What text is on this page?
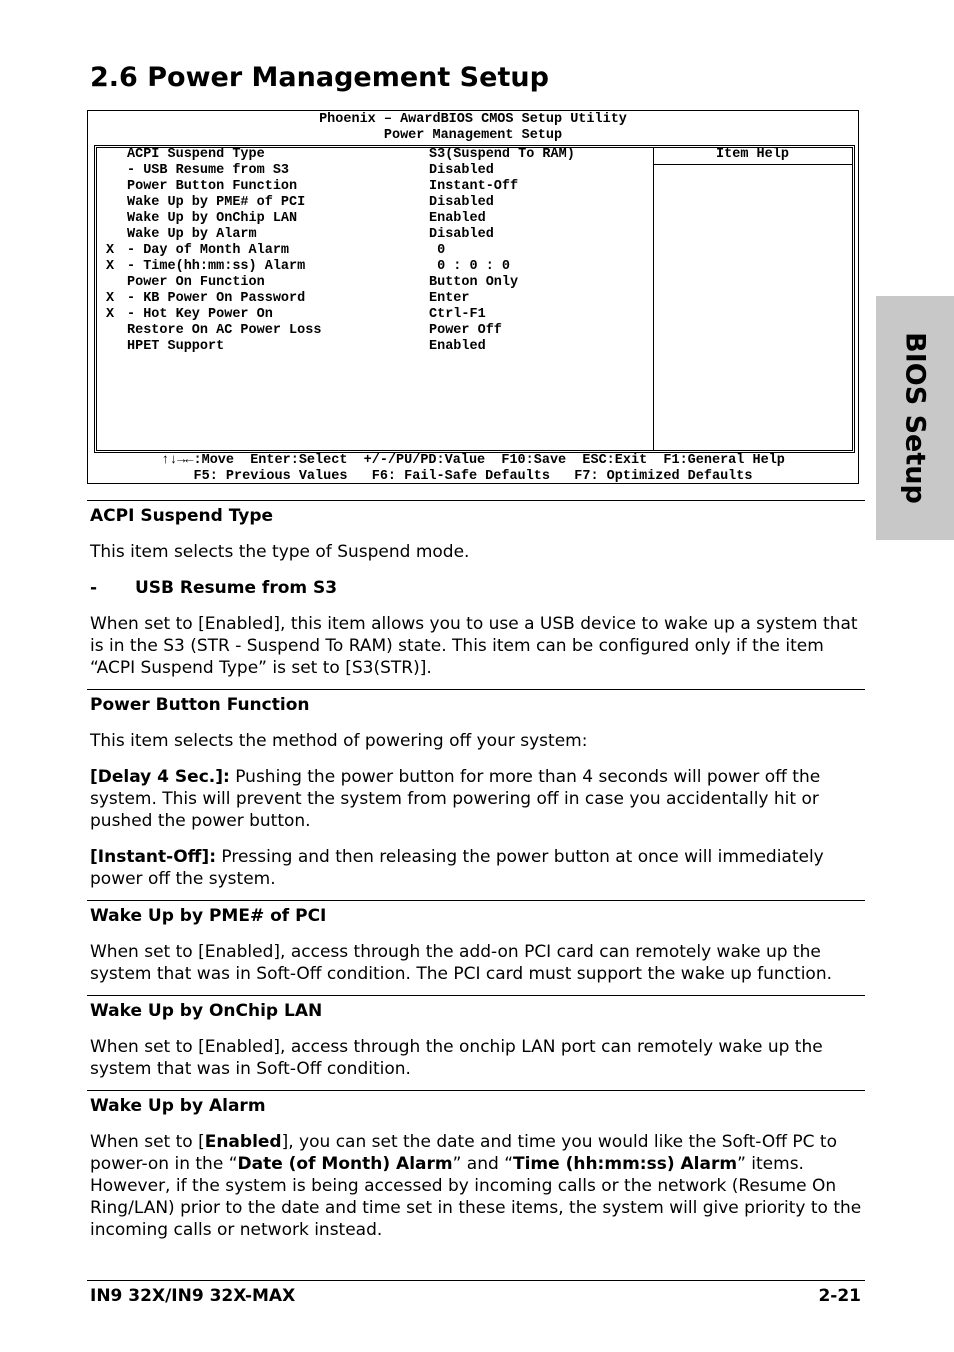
2.6 Power Management Setup
BIOS Setup
Phoenix – AwardBIOS CMOS Setup Utility
Power Management Setup
ACPI Suspend Type	S3(Suspend To RAM)
- USB Resume from S3	Disabled
Power Button Function	Instant-Off
Wake Up by PME# of PCI	Disabled
Wake Up by OnChip LAN	Enabled
Wake Up by Alarm	Disabled
X - Day of Month Alarm	0
X - Time(hh:mm:ss) Alarm	0 : 0 : 0
Power On Function	Button Only
X - KB Power On Password	Enter
X - Hot Key Power On	Ctrl-F1
Restore On AC Power Loss	Power Off
HPET Support	Enabled
Item Help
↑↓→←:Move  Enter:Select  +/-/PU/PD:Value  F10:Save  ESC:Exit  F1:General Help
F5: Previous Values   F6: Fail-Safe Defaults   F7: Optimized Defaults

ACPI Suspend Type

This item selects the type of Suspend mode.

- USB Resume from S3

When set to [Enabled], this item allows you to use a USB device to wake up a system that is in the S3 (STR - Suspend To RAM) state. This item can be configured only if the item “ACPI Suspend Type” is set to [S3(STR)].

Power Button Function

This item selects the method of powering off your system:

[Delay 4 Sec.]: Pushing the power button for more than 4 seconds will power off the system. This will prevent the system from powering off in case you accidentally hit or pushed the power button.

[Instant-Off]: Pressing and then releasing the power button at once will immediately power off the system.

Wake Up by PME# of PCI

When set to [Enabled], access through the add-on PCI card can remotely wake up the system that was in Soft-Off condition. The PCI card must support the wake up function.

Wake Up by OnChip LAN

When set to [Enabled], access through the onchip LAN port can remotely wake up the system that was in Soft-Off condition.

Wake Up by Alarm

When set to [Enabled], you can set the date and time you would like the Soft-Off PC to power-on in the “Date (of Month) Alarm” and “Time (hh:mm:ss) Alarm” items. However, if the system is being accessed by incoming calls or the network (Resume On Ring/LAN) prior to the date and time set in these items, the system will give priority to the incoming calls or network instead.

IN9 32X/IN9 32X-MAX	2-21
